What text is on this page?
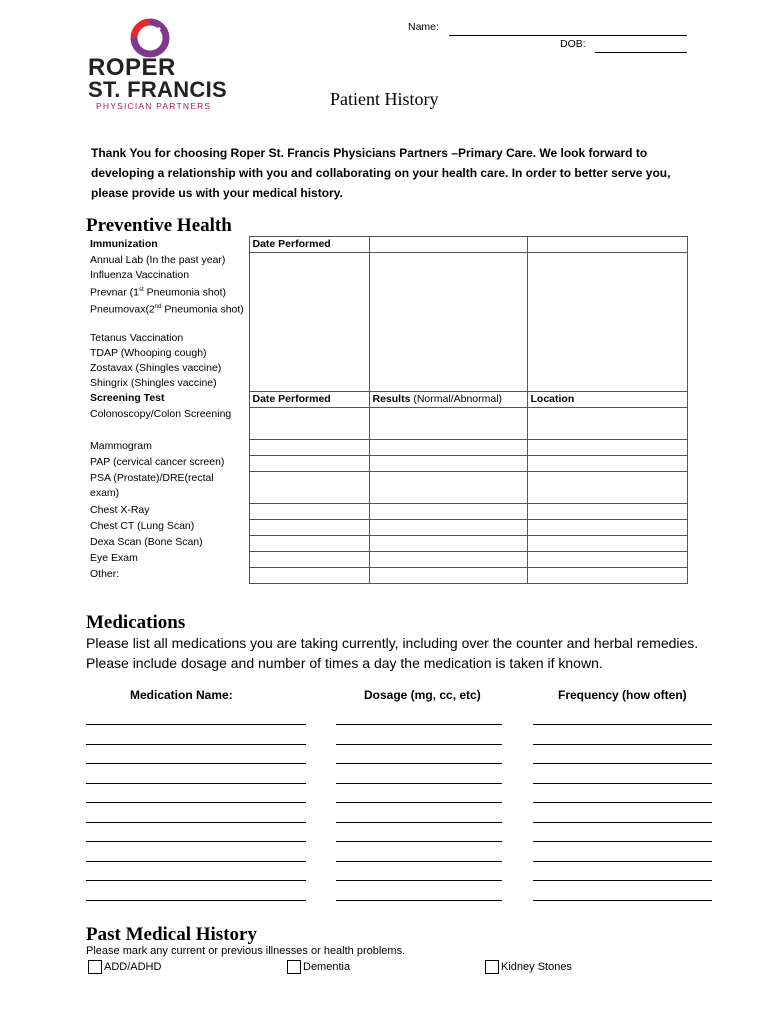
ROPER
ST. FRANCIS
PHYSICIAN PARTNERS
Name:
DOB:
Patient History
Thank You for choosing Roper St. Francis Physicians Partners –Primary Care. We look forward to developing a relationship with you and collaborating on your health care. In order to better serve you, please provide us with your medical history.
Preventive Health
Immunization	Date Performed		
Annual Lab (In the past year)			
Influenza Vaccination			
Prevnar (1st Pneumonia shot)			
Pneumovax(2nd Pneumonia shot)			
Tetanus Vaccination			
TDAP (Whooping cough)			
Zostavax (Shingles vaccine)			
Shingrix (Shingles vaccine)			
Screening Test	Date Performed	Results (Normal/Abnormal)	Location
Colonoscopy/Colon Screening			
Mammogram			
PAP (cervical cancer screen)			
PSA (Prostate)/DRE(rectal exam)			
Chest X-Ray			
Chest CT (Lung Scan)			
Dexa Scan (Bone Scan)			
Eye Exam			
Other:			
Medications
Please list all medications you are taking currently, including over the counter and herbal remedies. Please include dosage and number of times a day the medication is taken if known.
Medication Name:	Dosage (mg, cc, etc)	Frequency (how often)
Past Medical History
Please mark any current or previous illnesses or health problems.
ADD/ADHD	Dementia	Kidney Stones
